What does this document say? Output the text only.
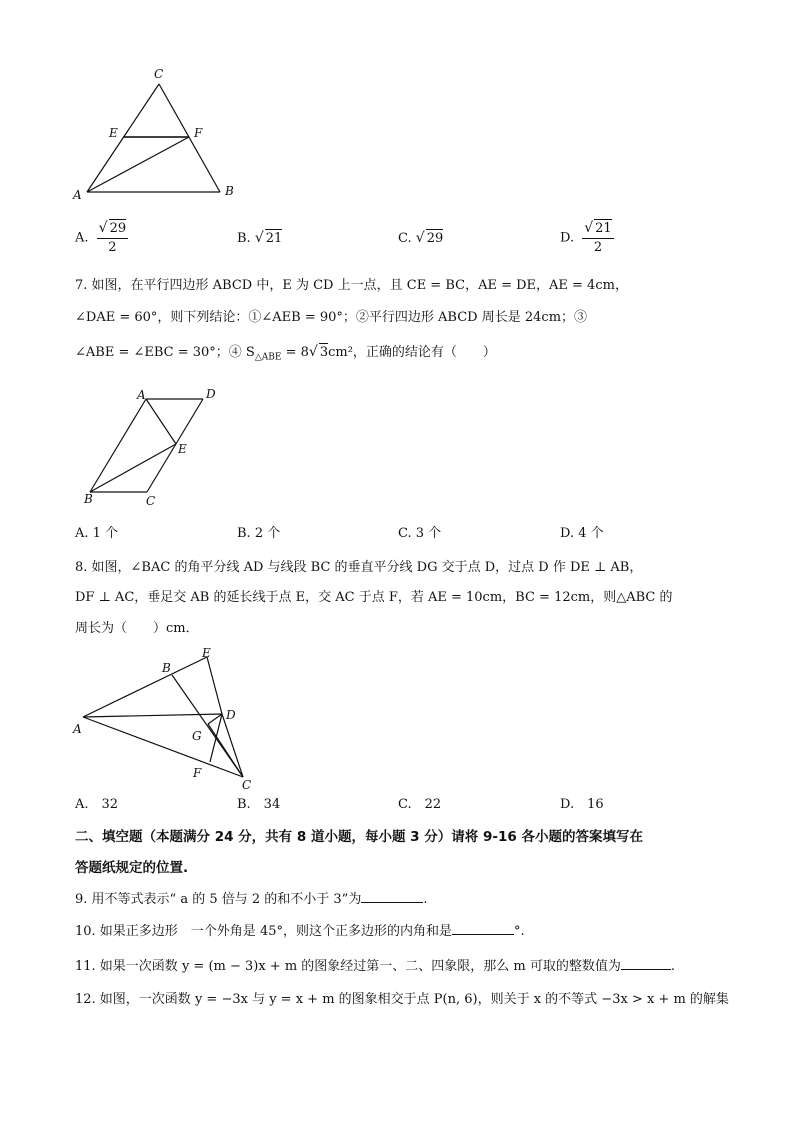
C
E	F
A	B
A. $\frac{√ 29}{2}$	B. √ 21	C. √ 29	D. $\frac{√ 21}{2}$
7. 如图，在平行四边形 ABCD 中，E 为 CD 上一点，且 CE = BC，AE = DE，AE = 4cm，
∠DAE = 60°，则下列结论：①∠AEB = 90°；②平行四边形 ABCD 周长是 24cm；③
∠ABE = ∠EBC = 30°；④ $S_{\triangle ABE} = 8√$ 3cm²，正确的结论有（　　）
A	D
E
B	C
A. 1 个	B. 2 个	C. 3 个	D. 4 个
8. 如图，∠BAC 的角平分线 AD 与线段 BC 的垂直平分线 DG 交于点 D，过点 D 作 DE ⊥ AB，
DF ⊥ AC，垂足交 AB 的延长线于点 E，交 AC 于点 F，若 AE = 10cm，BC = 12cm，则△ABC 的
周长为（　　）cm．
B
E
D
A	G
F
C
A.　32	B.　34	C.　22	D.　16
二、填空题（本题满分 24 分，共有 8 道小题，每小题 3 分）请将 9-16 各小题的答案填写在
答题纸规定的位置.
9. 用不等式表示“ a 的 5 倍与 2 的和不小于 3”为	.
10. 如果正多边形　一个外角是 45°，则这个正多边形的内角和是	°.
11. 如果一次函数 y = (m − 3)x + m 的图象经过第一、二、四象限，那么 m 可取的整数值为	.
12. 如图，一次函数 y = −3x 与 y = x + m 的图象相交于点 P(n, 6)，则关于 x 的不等式 −3x > x + m 的解集
